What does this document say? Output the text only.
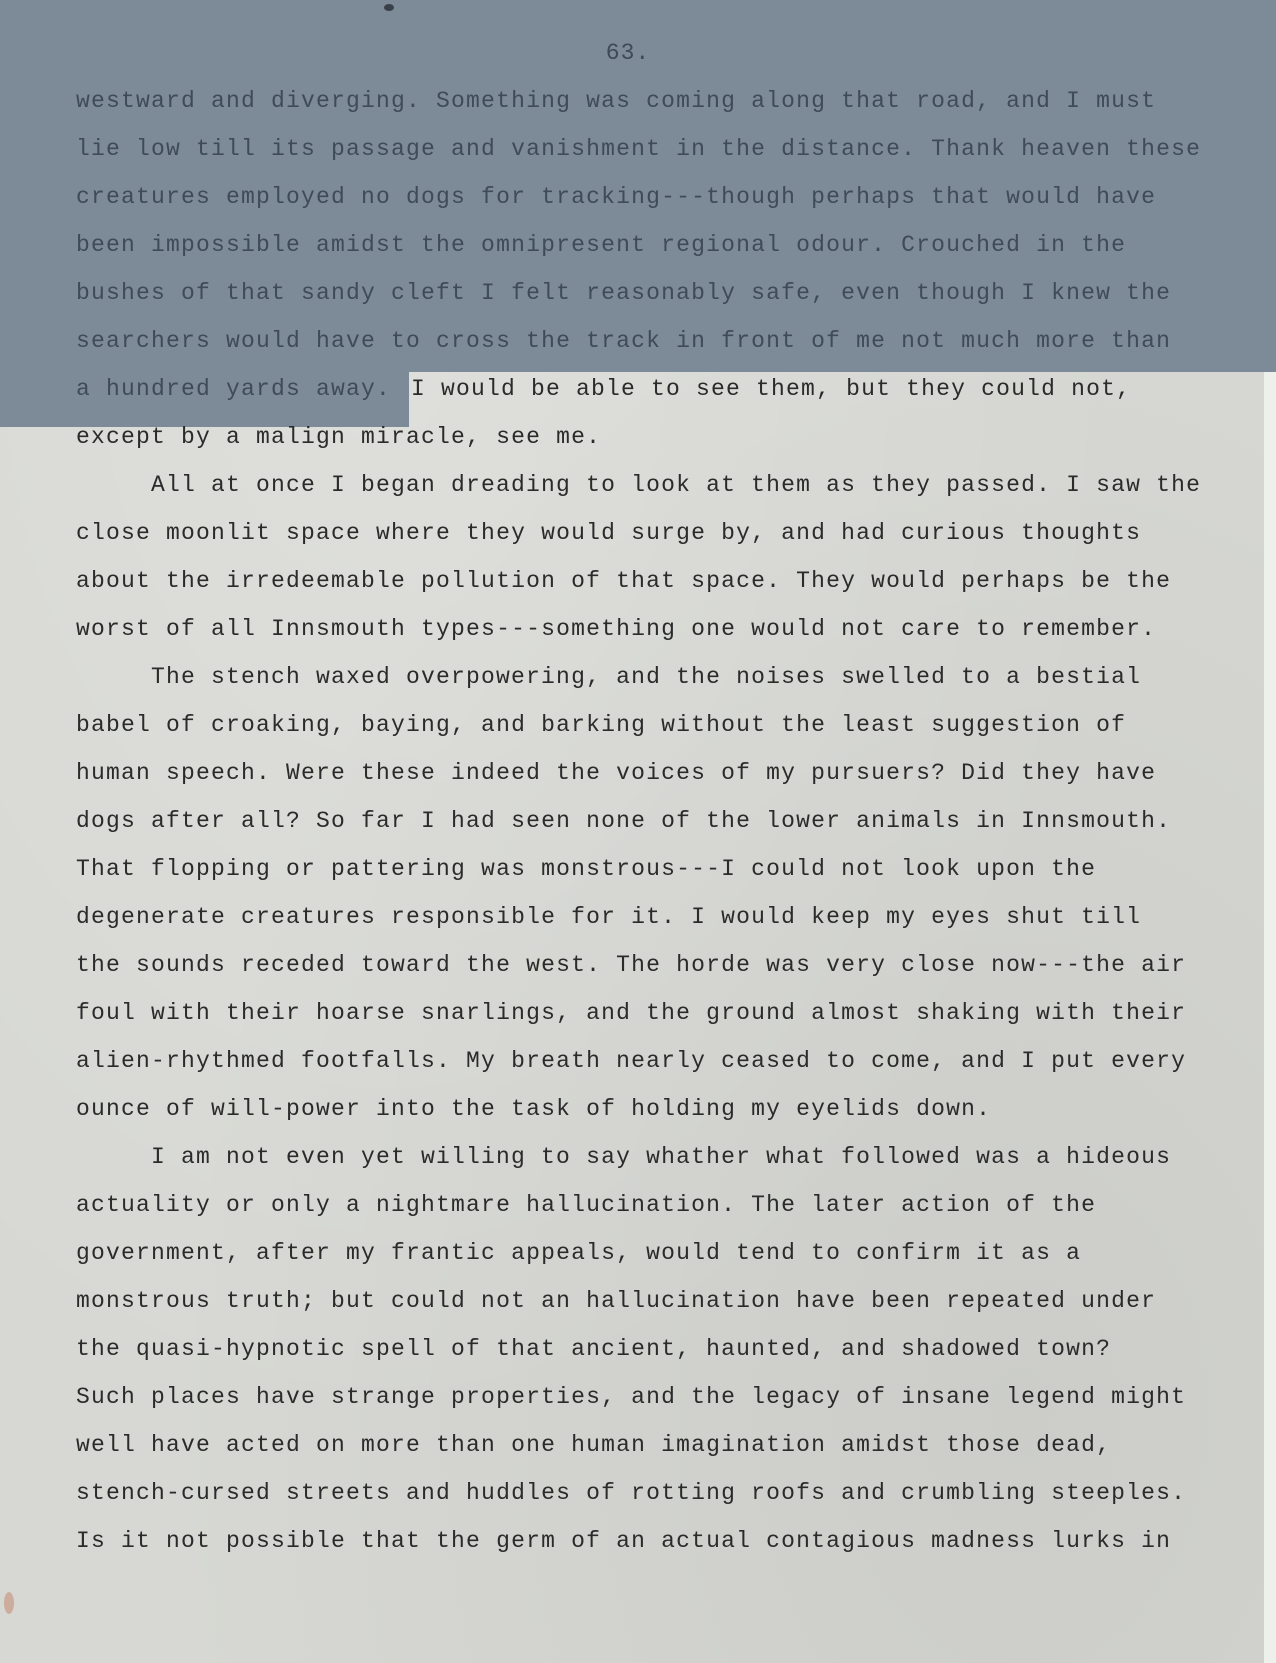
63.
westward and diverging. Something was coming along that road, and I must
lie low till its passage and vanishment in the distance. Thank heaven these
creatures employed no dogs for tracking---though perhaps that would have
been impossible amidst the omnipresent regional odour. Crouched in the
bushes of that sandy cleft I felt reasonably safe, even though I knew the
searchers would have to cross the track in front of me not much more than
a hundred yards away. I would be able to see them, but they could not,
except by a malign miracle, see me.
All at once I began dreading to look at them as they passed. I saw the
close moonlit space where they would surge by, and had curious thoughts
about the irredeemable pollution of that space. They would perhaps be the
worst of all Innsmouth types---something one would not care to remember.
The stench waxed overpowering, and the noises swelled to a bestial
babel of croaking, baying, and barking without the least suggestion of
human speech. Were these indeed the voices of my pursuers? Did they have
dogs after all? So far I had seen none of the lower animals in Innsmouth.
That flopping or pattering was monstrous---I could not look upon the
degenerate creatures responsible for it. I would keep my eyes shut till
the sounds receded toward the west. The horde was very close now---the air
foul with their hoarse snarlings, and the ground almost shaking with their
alien-rhythmed footfalls. My breath nearly ceased to come, and I put every
ounce of will-power into the task of holding my eyelids down.
I am not even yet willing to say whather what followed was a hideous
actuality or only a nightmare hallucination. The later action of the
government, after my frantic appeals, would tend to confirm it as a
monstrous truth; but could not an hallucination have been repeated under
the quasi-hypnotic spell of that ancient, haunted, and shadowed town?
Such places have strange properties, and the legacy of insane legend might
well have acted on more than one human imagination amidst those dead,
stench-cursed streets and huddles of rotting roofs and crumbling steeples.
Is it not possible that the germ of an actual contagious madness lurks in
